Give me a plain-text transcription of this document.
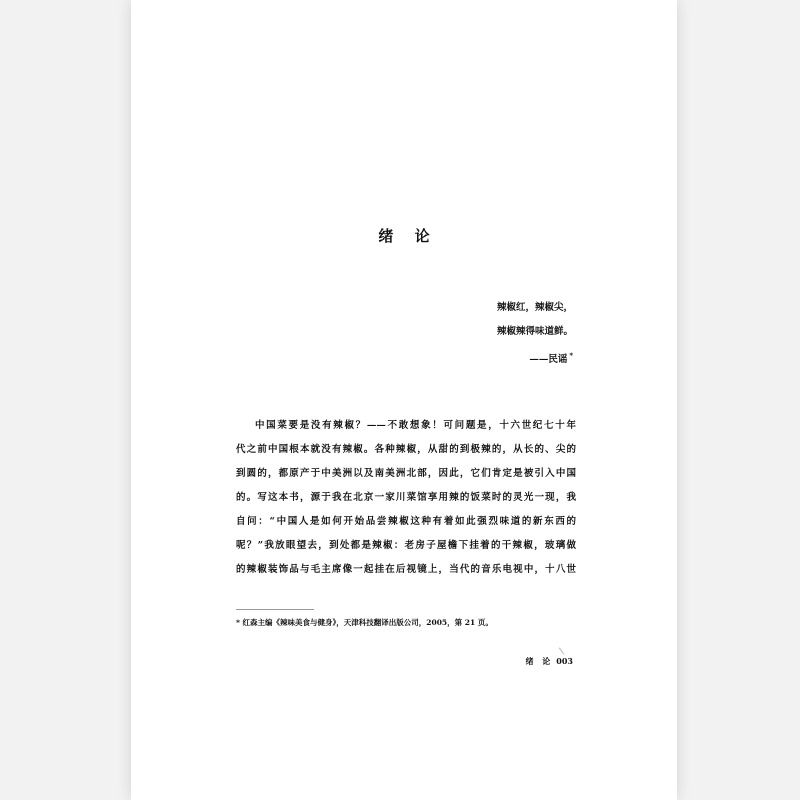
绪 论
辣椒红，辣椒尖，
辣椒辣得味道鲜。
——民谣 *
中国菜要是没有辣椒？——不敢想象！可问题是，十六世纪七十年
代之前中国根本就没有辣椒。各种辣椒，从甜的到极辣的，从长的、尖的
到圆的，都原产于中美洲以及南美洲北部，因此，它们肯定是被引入中国
的。写这本书，源于我在北京一家川菜馆享用辣的饭菜时的灵光一现，我
自问：“中国人是如何开始品尝辣椒这种有着如此强烈味道的新东西的
呢？”我放眼望去，到处都是辣椒：老房子屋檐下挂着的干辣椒，玻璃做
的辣椒装饰品与毛主席像一起挂在后视镜上，当代的音乐电视中，十八世
* 红森主编《辣味美食与健身》，天津科技翻译出版公司，2005，第 21 页。
绪 论 003
